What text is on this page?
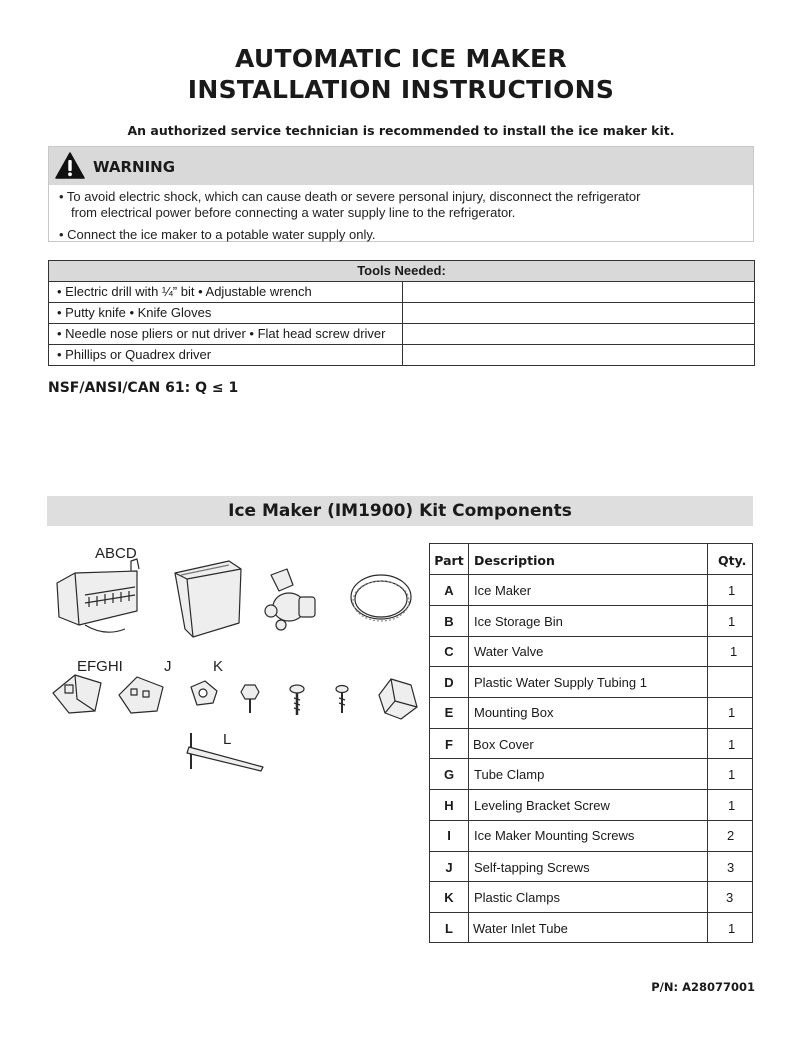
AUTOMATIC ICE MAKER
INSTALLATION INSTRUCTIONS
An authorized service technician is recommended to install the ice maker kit.
WARNING
• To avoid electric shock, which can cause death or severe personal injury, disconnect the refrigerator
from electrical power before connecting a water supply line to the refrigerator.
• Connect the ice maker to a potable water supply only.
Tools Needed:
• Electric drill with ¼” bit • Adjustable wrench
• Putty knife • Knife Gloves
• Needle nose pliers or nut driver • Flat head screw driver
• Phillips or Quadrex driver
NSF/ANSI/CAN 61: Q ≤ 1
Ice Maker (IM1900) Kit Components
ABCD
EFGHI	J	K
L
Part Description	Qty.
A	Ice Maker	1
B	Ice Storage Bin	1
C	Water Valve	1
D	Plastic Water Supply Tubing 1
E	Mounting Box	1
F	Box Cover	1
G	Tube Clamp	1
H	Leveling Bracket Screw	1
I	Ice Maker Mounting Screws	2
J	Self-tapping Screws	3
K	Plastic Clamps	3
L	Water Inlet Tube	1
P/N: A28077001
